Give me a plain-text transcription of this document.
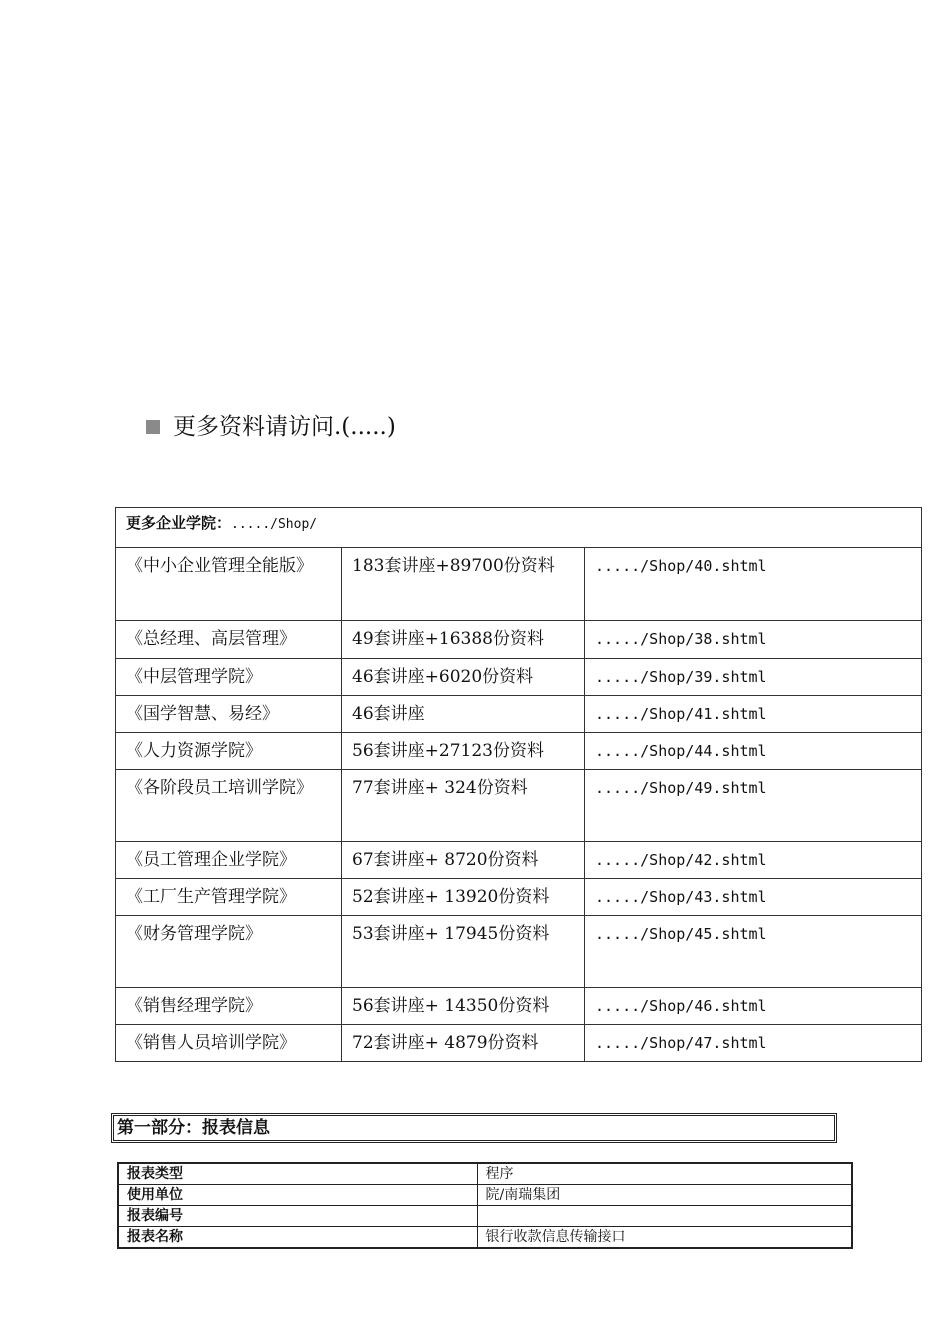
更多资料请访问.(.....)
更多企业学院：...../Shop/		
《中小企业管理全能版》	183套讲座+89700份资料	...../Shop/40.shtml
《总经理、高层管理》	49套讲座+16388份资料	...../Shop/38.shtml
《中层管理学院》	46套讲座+6020份资料	...../Shop/39.shtml
《国学智慧、易经》	46套讲座	...../Shop/41.shtml
《人力资源学院》	56套讲座+27123份资料	...../Shop/44.shtml
《各阶段员工培训学院》	77套讲座+ 324份资料	...../Shop/49.shtml
《员工管理企业学院》	67套讲座+ 8720份资料	...../Shop/42.shtml
《工厂生产管理学院》	52套讲座+ 13920份资料	...../Shop/43.shtml
《财务管理学院》	53套讲座+ 17945份资料	...../Shop/45.shtml
《销售经理学院》	56套讲座+ 14350份资料	...../Shop/46.shtml
《销售人员培训学院》	72套讲座+ 4879份资料	...../Shop/47.shtml
第一部分：报表信息
报表类型	程序
使用单位	院/南瑞集团
报表编号	
报表名称	银行收款信息传输接口
